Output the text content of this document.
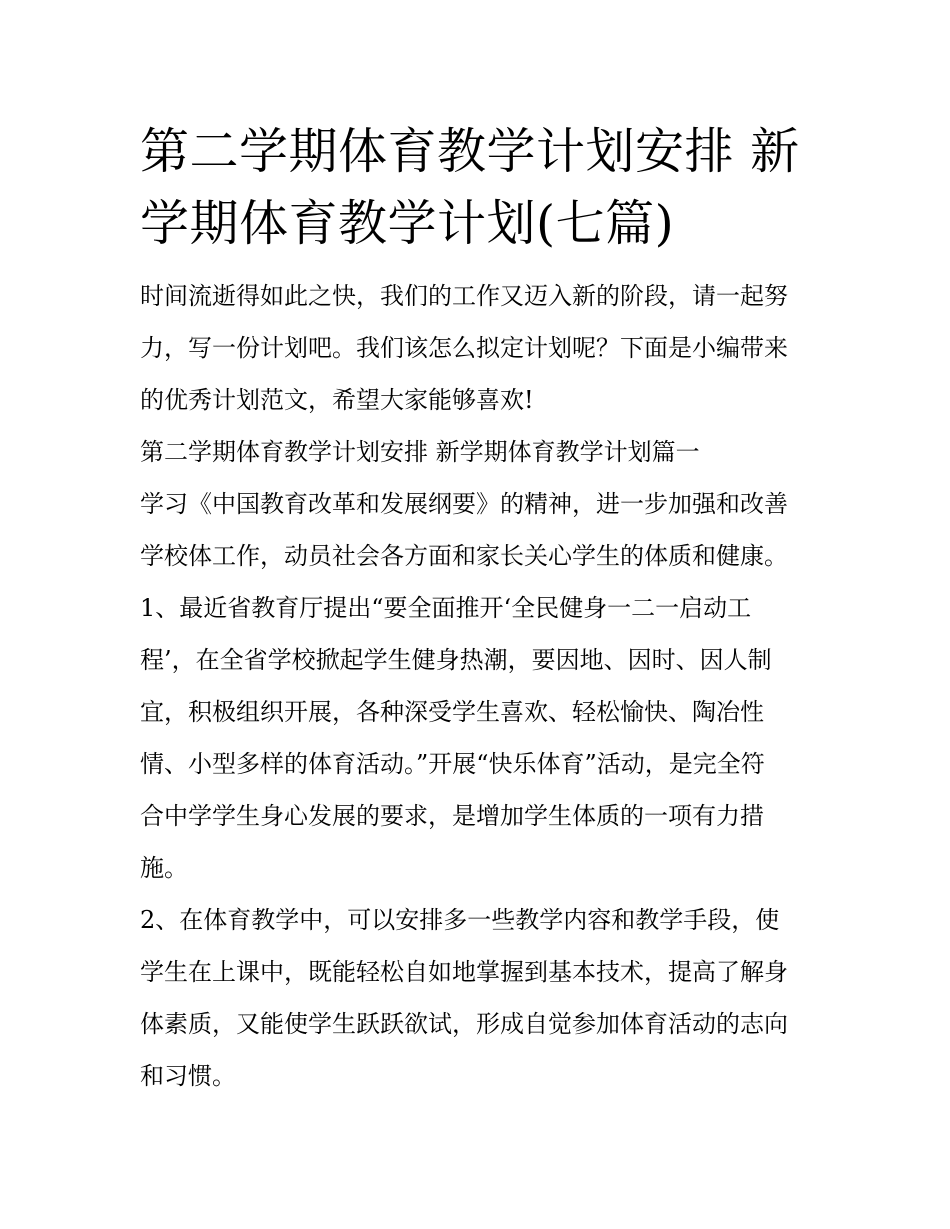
第二学期体育教学计划安排 新
学期体育教学计划(七篇)
时间流逝得如此之快，我们的工作又迈入新的阶段，请一起努
力，写一份计划吧。我们该怎么拟定计划呢？下面是小编带来
的优秀计划范文，希望大家能够喜欢!
第二学期体育教学计划安排 新学期体育教学计划篇一
学习《中国教育改革和发展纲要》的精神，进一步加强和改善
学校体工作，动员社会各方面和家长关心学生的体质和健康。
1、最近省教育厅提出“要全面推开‘全民健身一二一启动工
程’，在全省学校掀起学生健身热潮，要因地、因时、因人制
宜，积极组织开展，各种深受学生喜欢、轻松愉快、陶冶性
情、小型多样的体育活动。”开展“快乐体育”活动，是完全符
合中学学生身心发展的要求，是增加学生体质的一项有力措
施。
2、在体育教学中，可以安排多一些教学内容和教学手段，使
学生在上课中，既能轻松自如地掌握到基本技术，提高了解身
体素质，又能使学生跃跃欲试，形成自觉参加体育活动的志向
和习惯。
